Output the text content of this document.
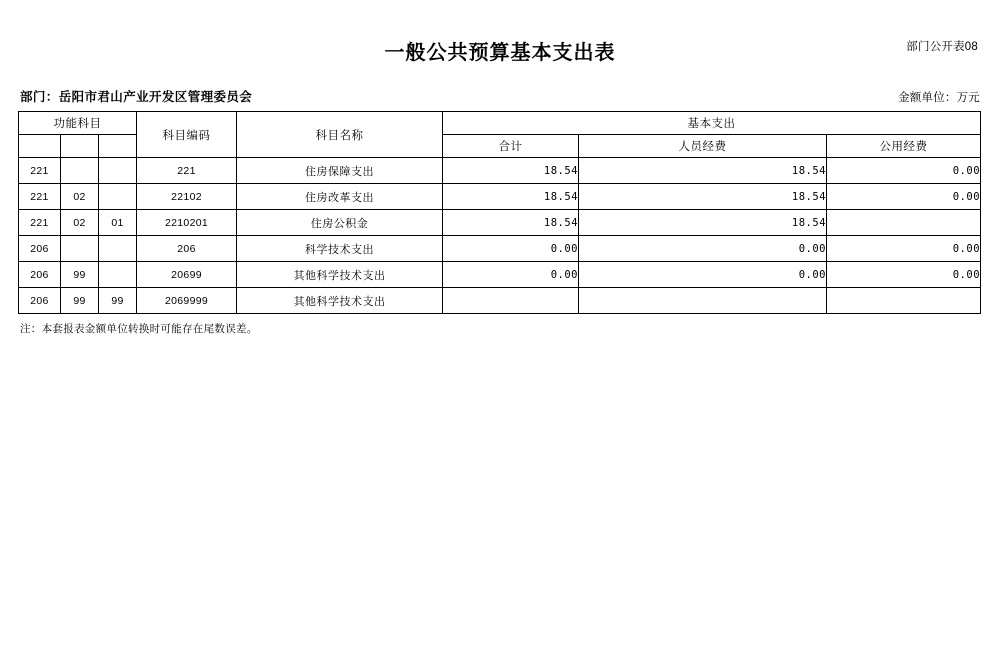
部门公开表08
一般公共预算基本支出表
部门：岳阳市君山产业开发区管理委员会	金额单位：万元
功能科目			科目编码	科目名称	基本支出		
					合计	人员经费	公用经费
221			221	住房保障支出	18.54	18.54	0.00
221	02		22102	住房改革支出	18.54	18.54	0.00
221	02	01	2210201	住房公积金	18.54	18.54	
206			206	科学技术支出	0.00	0.00	0.00
206	99		20699	其他科学技术支出	0.00	0.00	0.00
206	99	99	2069999	其他科学技术支出			
注：本套报表金额单位转换时可能存在尾数误差。
